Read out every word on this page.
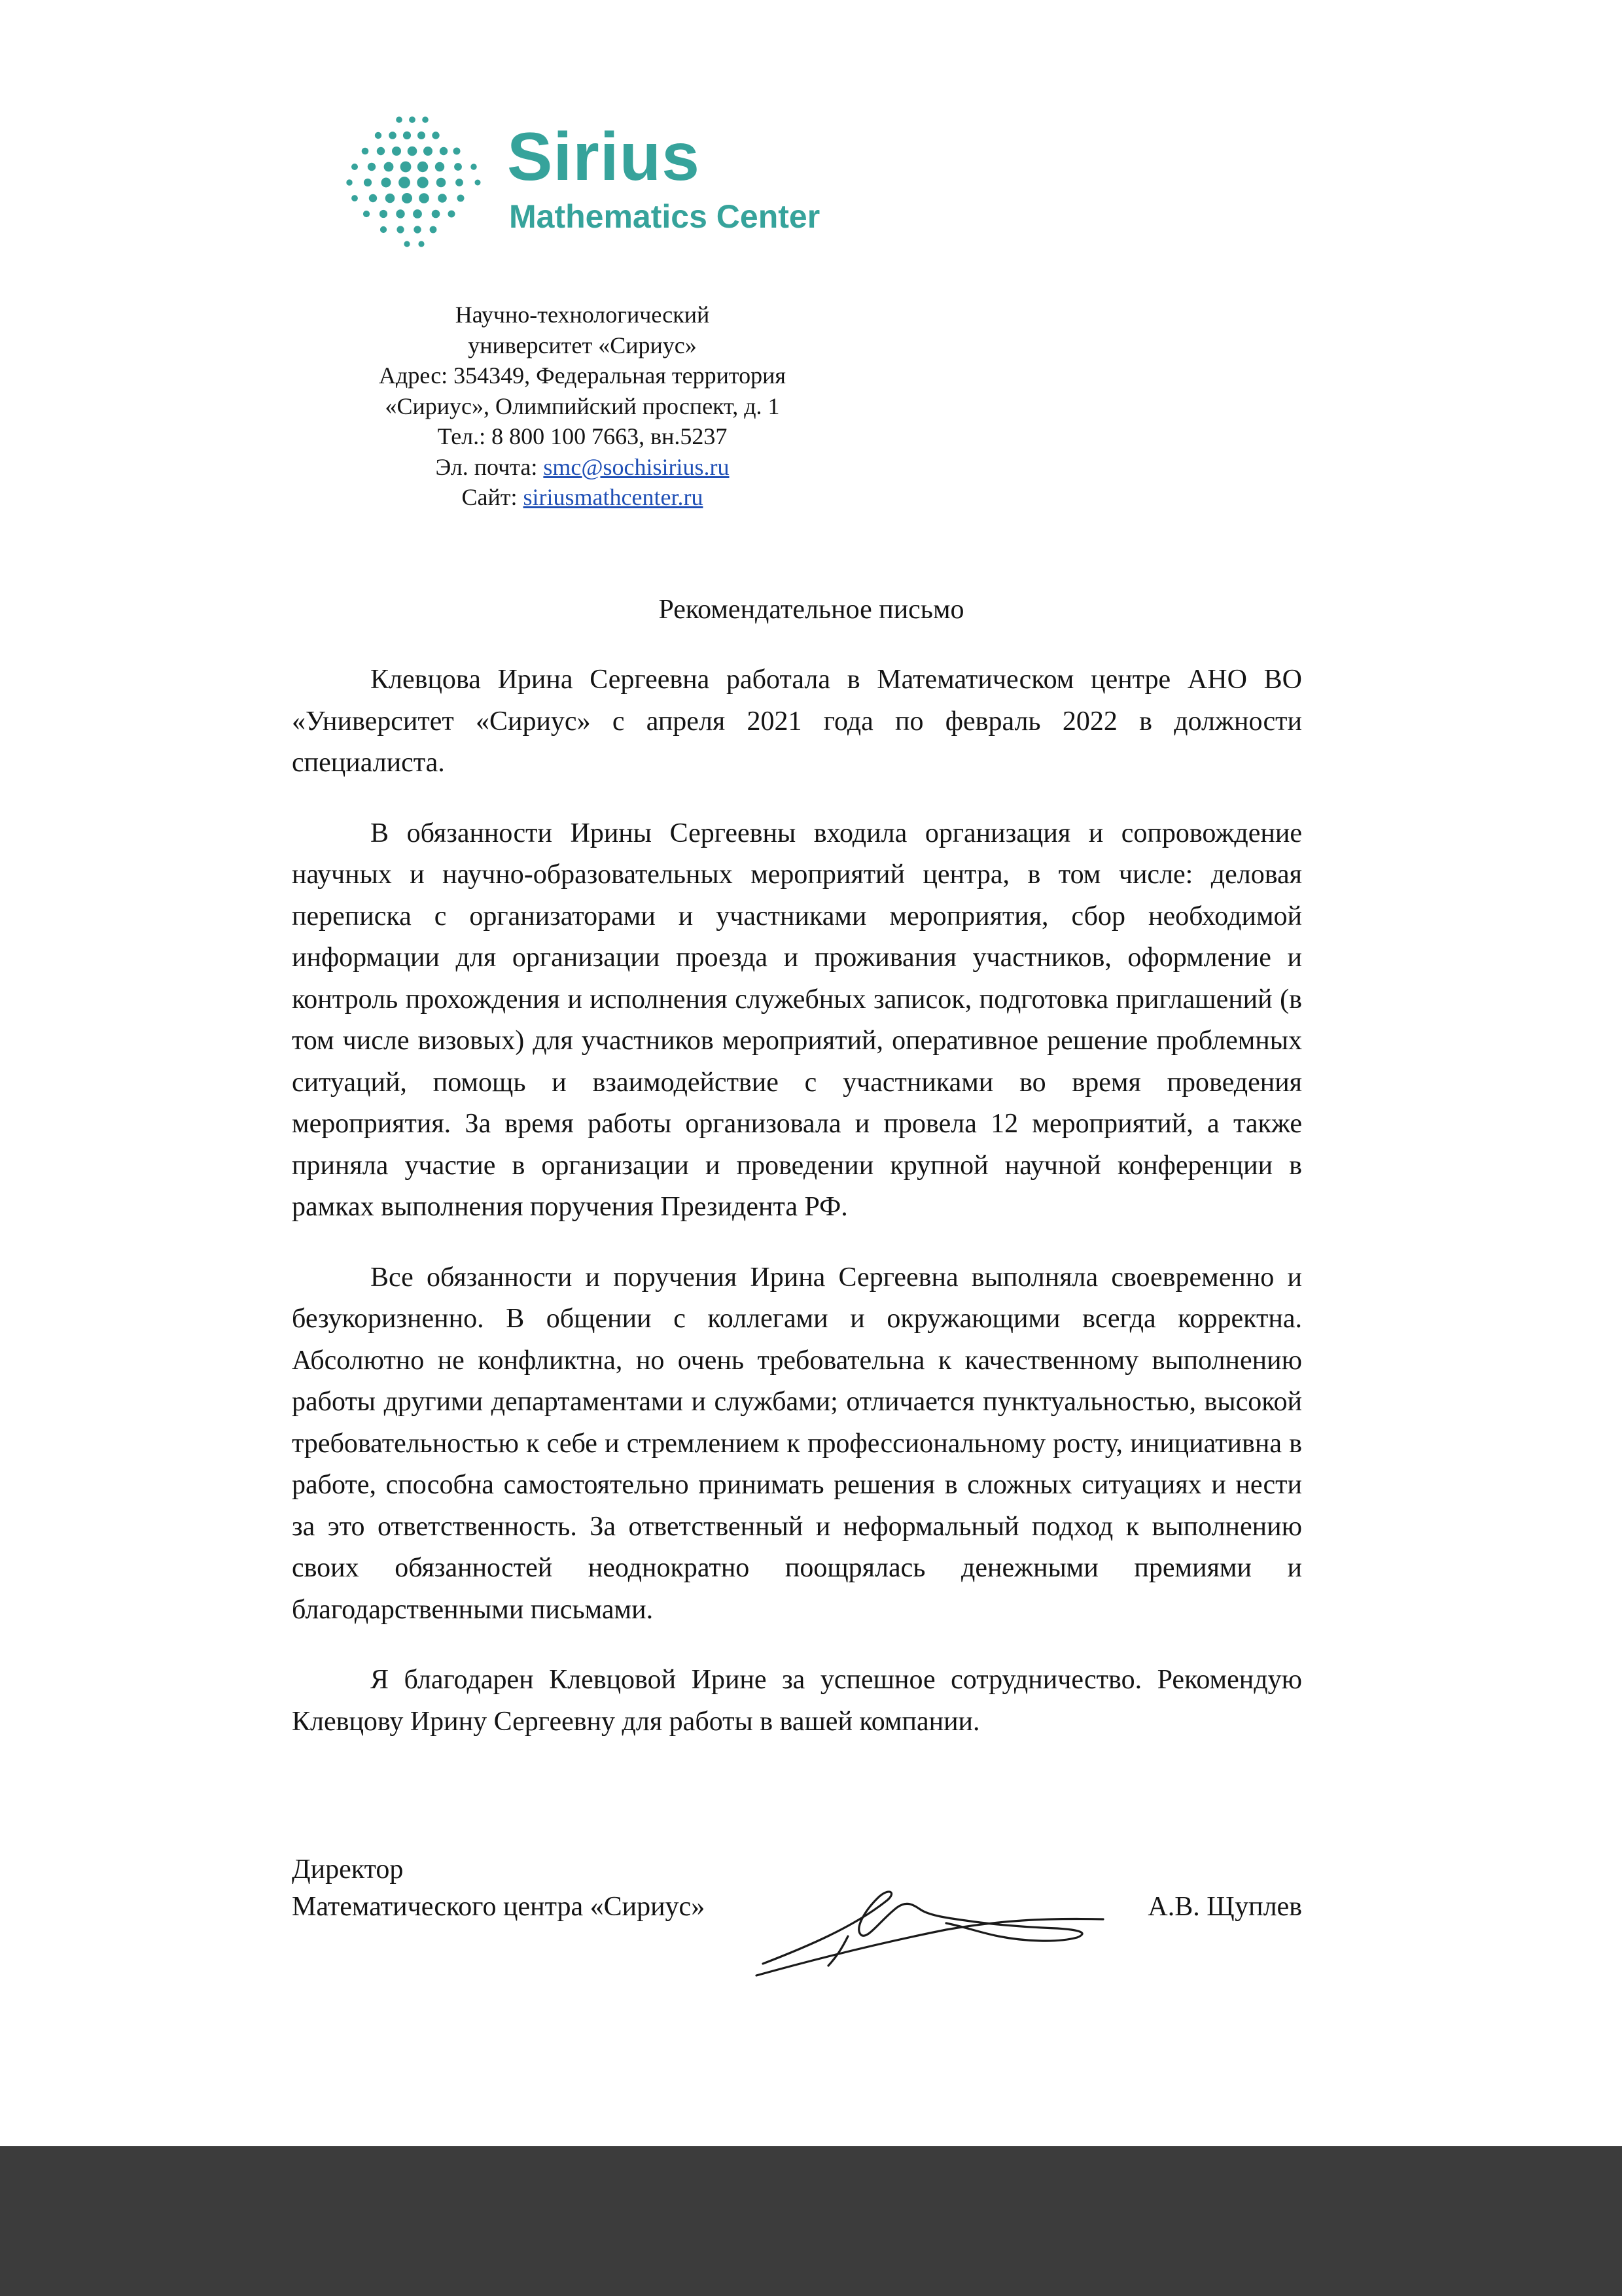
Sirius
Mathematics Center
Научно-технологический
университет «Сириус»
Адрес: 354349, Федеральная территория
«Сириус», Олимпийский проспект, д. 1
Тел.: 8 800 100 7663, вн.5237
Эл. почта: smc@sochisirius.ru
Сайт: siriusmathcenter.ru
Рекомендательное письмо

Клевцова Ирина Сергеевна работала в Математическом центре АНО ВО «Университет «Сириус» с апреля 2021 года по февраль 2022 в должности специалиста.

В обязанности Ирины Сергеевны входила организация и сопровождение научных и научно-образовательных мероприятий центра, в том числе: деловая переписка с организаторами и участниками мероприятия, сбор необходимой информации для организации проезда и проживания участников, оформление и контроль прохождения и исполнения служебных записок, подготовка приглашений (в том числе визовых) для участников мероприятий, оперативное решение проблемных ситуаций, помощь и взаимодействие с участниками во время проведения мероприятия. За время работы организовала и провела 12 мероприятий, а также приняла участие в организации и проведении крупной научной конференции в рамках выполнения поручения Президента РФ.

Все обязанности и поручения Ирина Сергеевна выполняла своевременно и безукоризненно. В общении с коллегами и окружающими всегда корректна. Абсолютно не конфликтна, но очень требовательна к качественному выполнению работы другими департаментами и службами; отличается пунктуальностью, высокой требовательностью к себе и стремлением к профессиональному росту, инициативна в работе, способна самостоятельно принимать решения в сложных ситуациях и нести за это ответственность. За ответственный и неформальный подход к выполнению своих обязанностей неоднократно поощрялась денежными премиями и благодарственными письмами.

Я благодарен Клевцовой Ирине за успешное сотрудничество. Рекомендую Клевцову Ирину Сергеевну для работы в вашей компании.

Директор
Математического центра «Сириус»	А.В. Щуплев
